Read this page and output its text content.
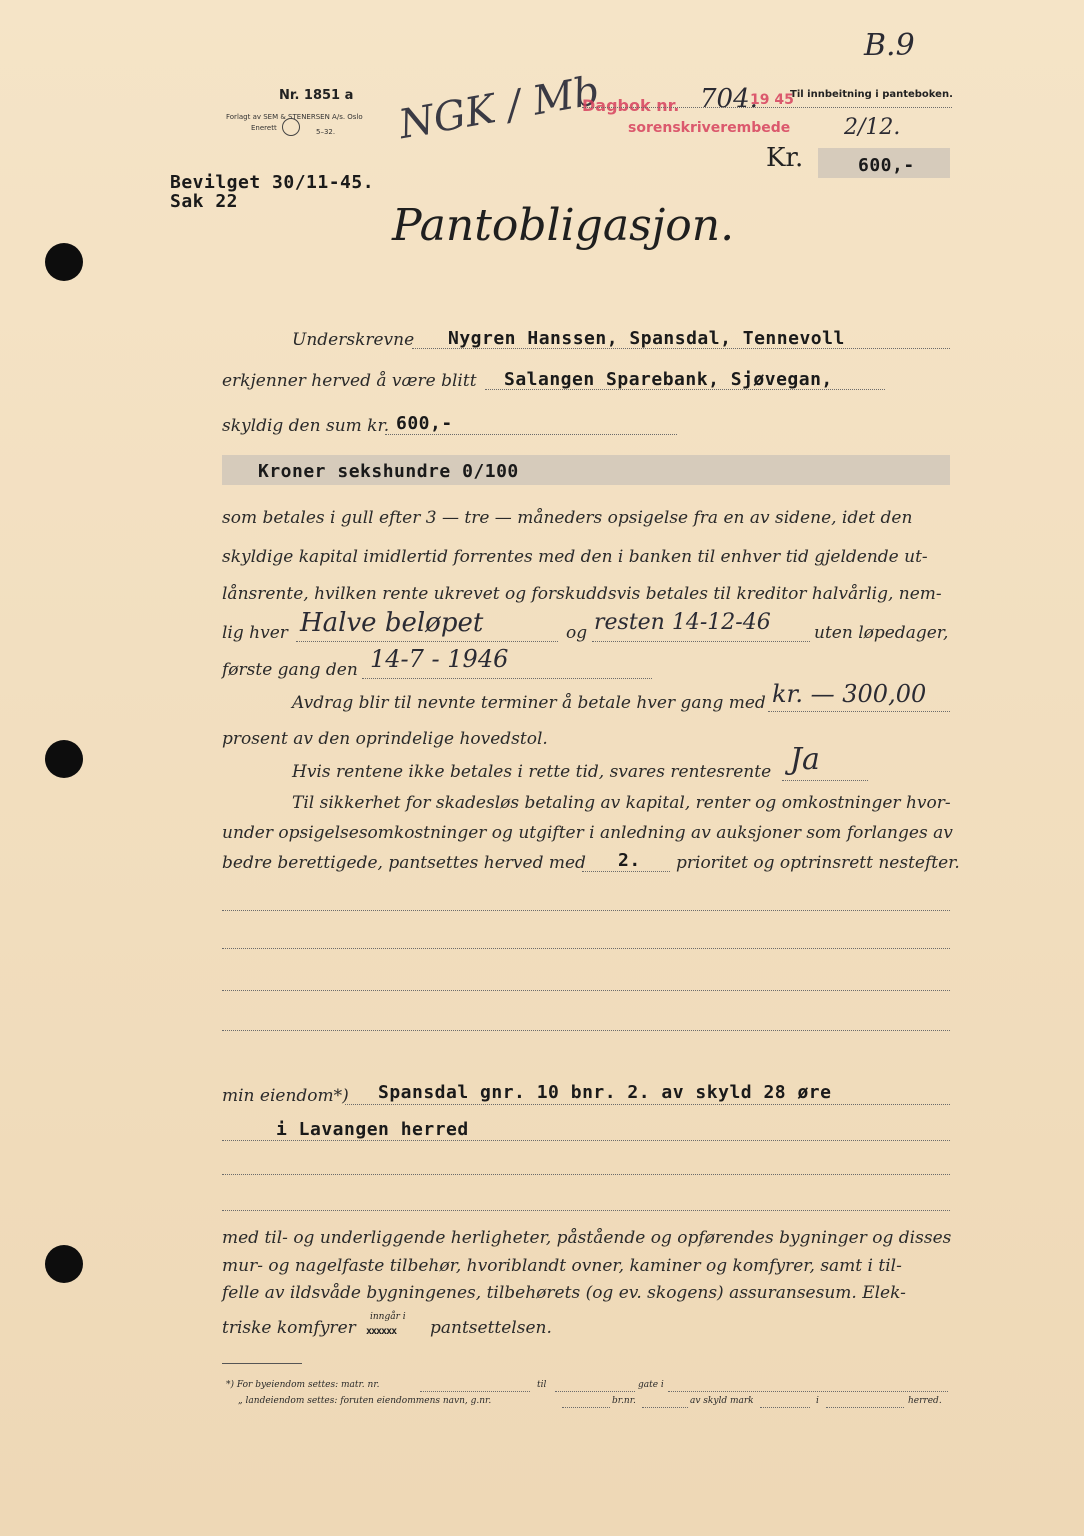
Nr. 1851 a
Forlagt av SEM & STENERSEN A/s. Oslo
Enerett	5–32. NGK / Mb
B.9
Dagbok nr. 704.
19 45
Til innbeitning i panteboken.
sorenskriverembede 2/12.
Kr.	600,-
Bevilget 30/11-45.
Sak 22	Pantobligasjon.
Underskrevne Nygren Hanssen, Spansdal, Tennevoll
erkjenner herved å være blitt Salangen Sparebank, Sjøvegan,
skyldig den sum kr. 600,-
Kroner sekshundre 0/100
som betales i gull efter 3 — tre — måneders opsigelse fra en av sidene, idet den
skyldige kapital imidlertid forrentes med den i banken til enhver tid gjeldende ut-
lånsrente, hvilken rente ukrevet og forskuddsvis betales til kreditor halvårlig, nem-
lig hver Halve beløpet	og resten 14-12-46	uten løpedager,
første gang den 14-7 - 1946
Avdrag blir til nevnte terminer å betale hver gang med kr. — 300,00
prosent av den oprindelige hovedstol.
Hvis rentene ikke betales i rette tid, svares rentesrente Ja
Til sikkerhet for skadesløs betaling av kapital, renter og omkostninger hvor-
under opsigelsesomkostninger og utgifter i anledning av auksjoner som forlanges av
bedre berettigede, pantsettes herved med 2. prioritet og optrinsrett nestefter.
min eiendom*) Spansdal gnr. 10 bnr. 2. av skyld 28 øre
i Lavangen herred
med til- og underliggende herligheter, påstående og opførendes bygninger og disses
mur- og nagelfaste tilbehør, hvoriblandt ovner, kaminer og komfyrer, samt i til-
felle av ildsvåde bygningenes, tilbehørets (og ev. skogens) assuransesum. Elek-
triske komfyrer
inngår i
xxxxxx pantsettelsen.
*) For byeiendom settes: matr. nr.	til	gate i
„ landeiendom settes: foruten eiendommens navn, g.nr.	br.nr.	av skyld mark	i	herred.
